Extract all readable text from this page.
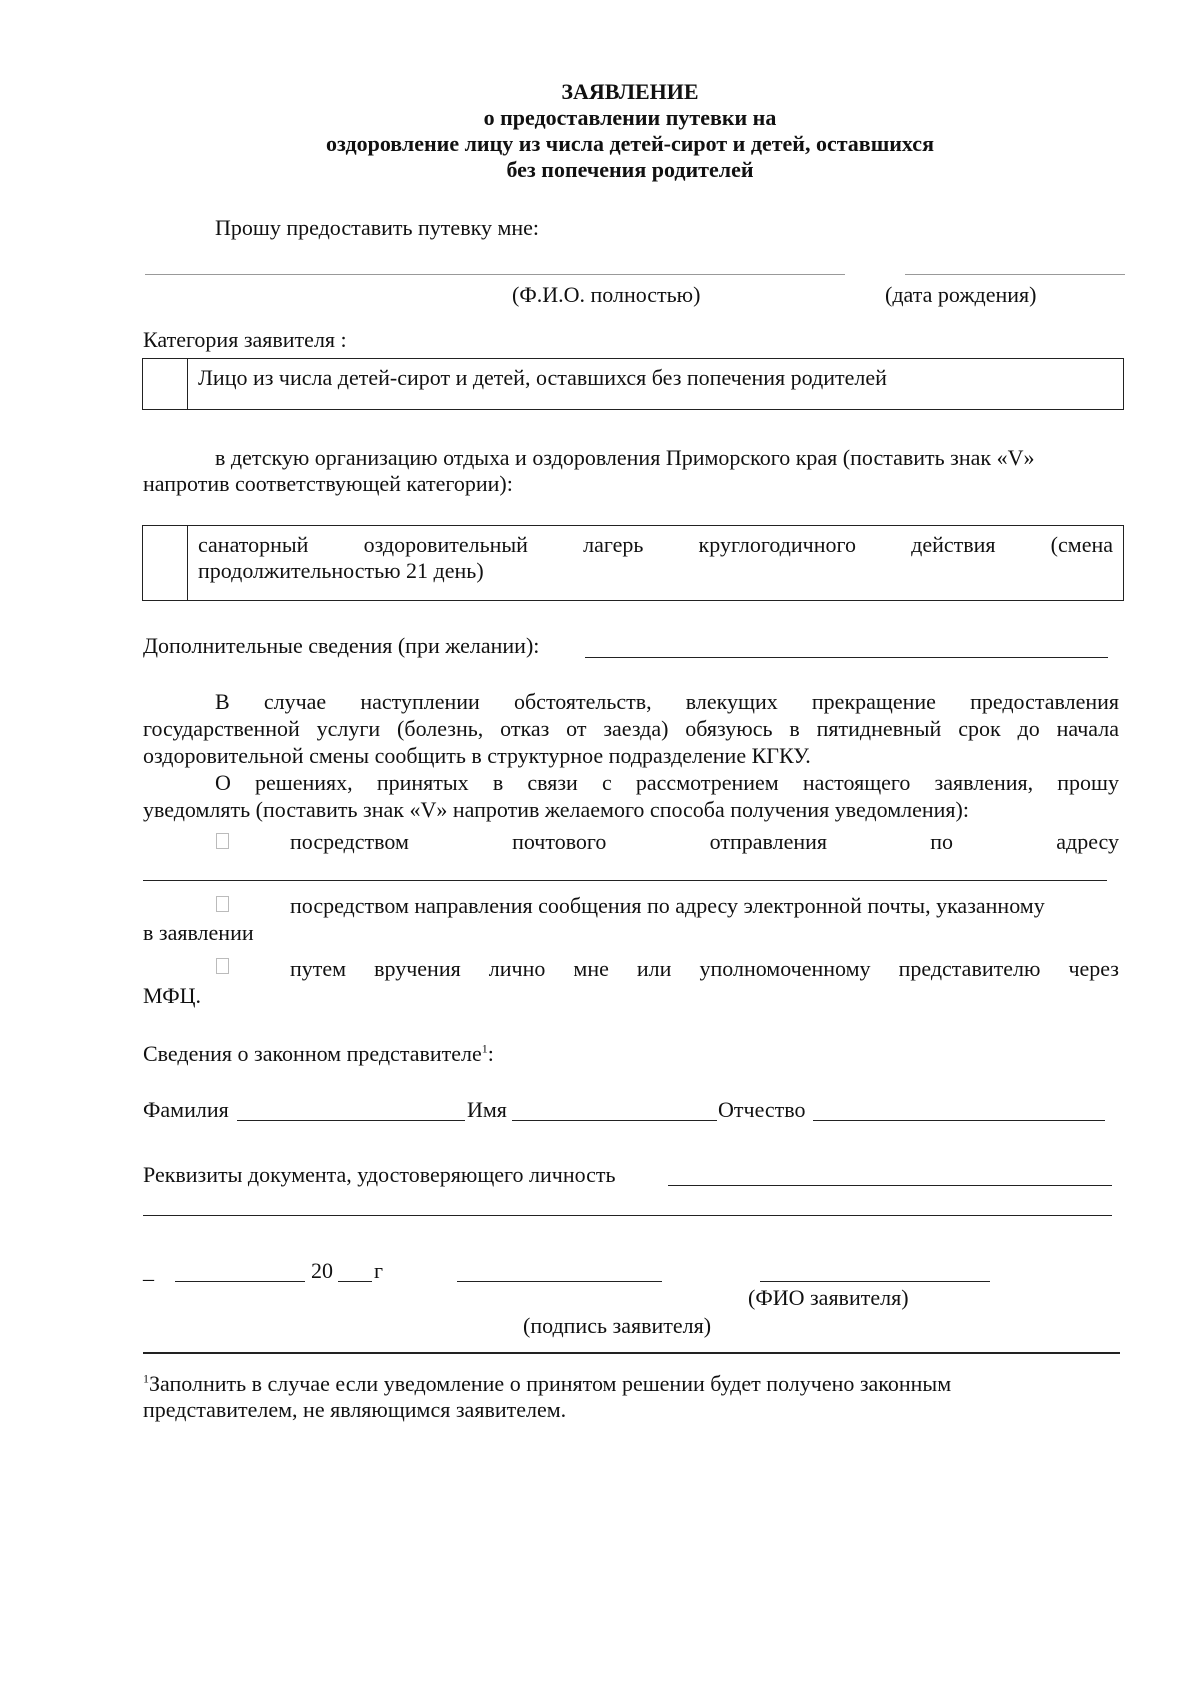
ЗАЯВЛЕНИЕ
о предоставлении путевки на
оздоровление лицу из числа детей-сирот и детей, оставшихся
без попечения родителей
Прошу предоставить путевку мне:
(Ф.И.О. полностью)	(дата рождения)
Категория заявителя :
	Лицо из числа детей-сирот и детей, оставшихся без попечения родителей
в детскую организацию отдыха и оздоровления Приморского края (поставить знак «V»
напротив соответствующей категории):

санаторный оздоровительный лагерь круглогодичного действия (смена
продолжительностью 21 день)
Дополнительные сведения (при желании):
В случае наступлении обстоятельств, влекущих прекращение предоставления
государственной услуги (болезнь, отказ от заезда) обязуюсь в пятидневный срок до начала
оздоровительной смены сообщить в структурное подразделение КГКУ.
О решениях, принятых в связи с рассмотрением настоящего заявления, прошу
уведомлять (поставить знак «V» напротив желаемого способа получения уведомления):
посредством почтового отправления по адресу
посредством направления сообщения по адресу электронной почты, указанному
в заявлении
путем вручения лично мне или уполномоченному представителю через
МФЦ.
Сведения о законном представителе$^1$:
Фамилия	Имя	Отчество
Реквизиты документа, удостоверяющего личность
_	20 г
(ФИО заявителя)
(подпись заявителя)
$^1$Заполнить в случае если уведомление о принятом решении будет получено законным
представителем, не являющимся заявителем.
